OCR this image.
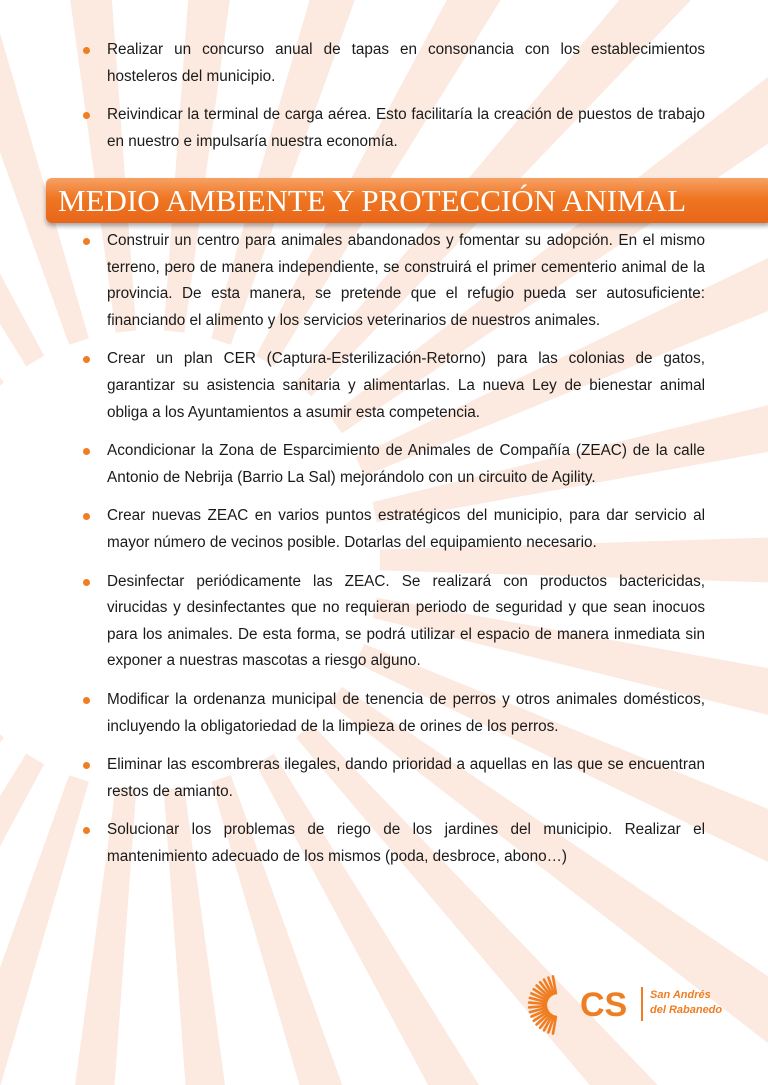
Realizar un concurso anual de tapas en consonancia con los establecimientos hosteleros del municipio.
Reivindicar la terminal de carga aérea. Esto facilitaría la creación de puestos de trabajo en nuestro e impulsaría nuestra economía.
MEDIO AMBIENTE Y PROTECCIÓN ANIMAL
Construir un centro para animales abandonados y fomentar su adopción. En el mismo terreno, pero de manera independiente, se construirá el primer cementerio animal de la provincia. De esta manera, se pretende que el refugio pueda ser autosuficiente: financiando el alimento y los servicios veterinarios de nuestros animales.
Crear un plan CER (Captura-Esterilización-Retorno) para las colonias de gatos, garantizar su asistencia sanitaria y alimentarlas. La nueva Ley de bienestar animal obliga a los Ayuntamientos a asumir esta competencia.
Acondicionar la Zona de Esparcimiento de Animales de Compañía (ZEAC) de la calle Antonio de Nebrija (Barrio La Sal) mejorándolo con un circuito de Agility.
Crear nuevas ZEAC en varios puntos estratégicos del municipio, para dar servicio al mayor número de vecinos posible. Dotarlas del equipamiento necesario.
Desinfectar periódicamente las ZEAC. Se realizará con productos bactericidas, virucidas y desinfectantes que no requieran periodo de seguridad y que sean inocuos para los animales. De esta forma, se podrá utilizar el espacio de manera inmediata sin exponer a nuestras mascotas a riesgo alguno.
Modificar la ordenanza municipal de tenencia de perros y otros animales domésticos, incluyendo la obligatoriedad de la limpieza de orines de los perros.
Eliminar las escombreras ilegales, dando prioridad a aquellas en las que se encuentran restos de amianto.
Solucionar los problemas de riego de los jardines del municipio. Realizar el mantenimiento adecuado de los mismos (poda, desbroce, abono…)
CS San Andrés
del Rabanedo
